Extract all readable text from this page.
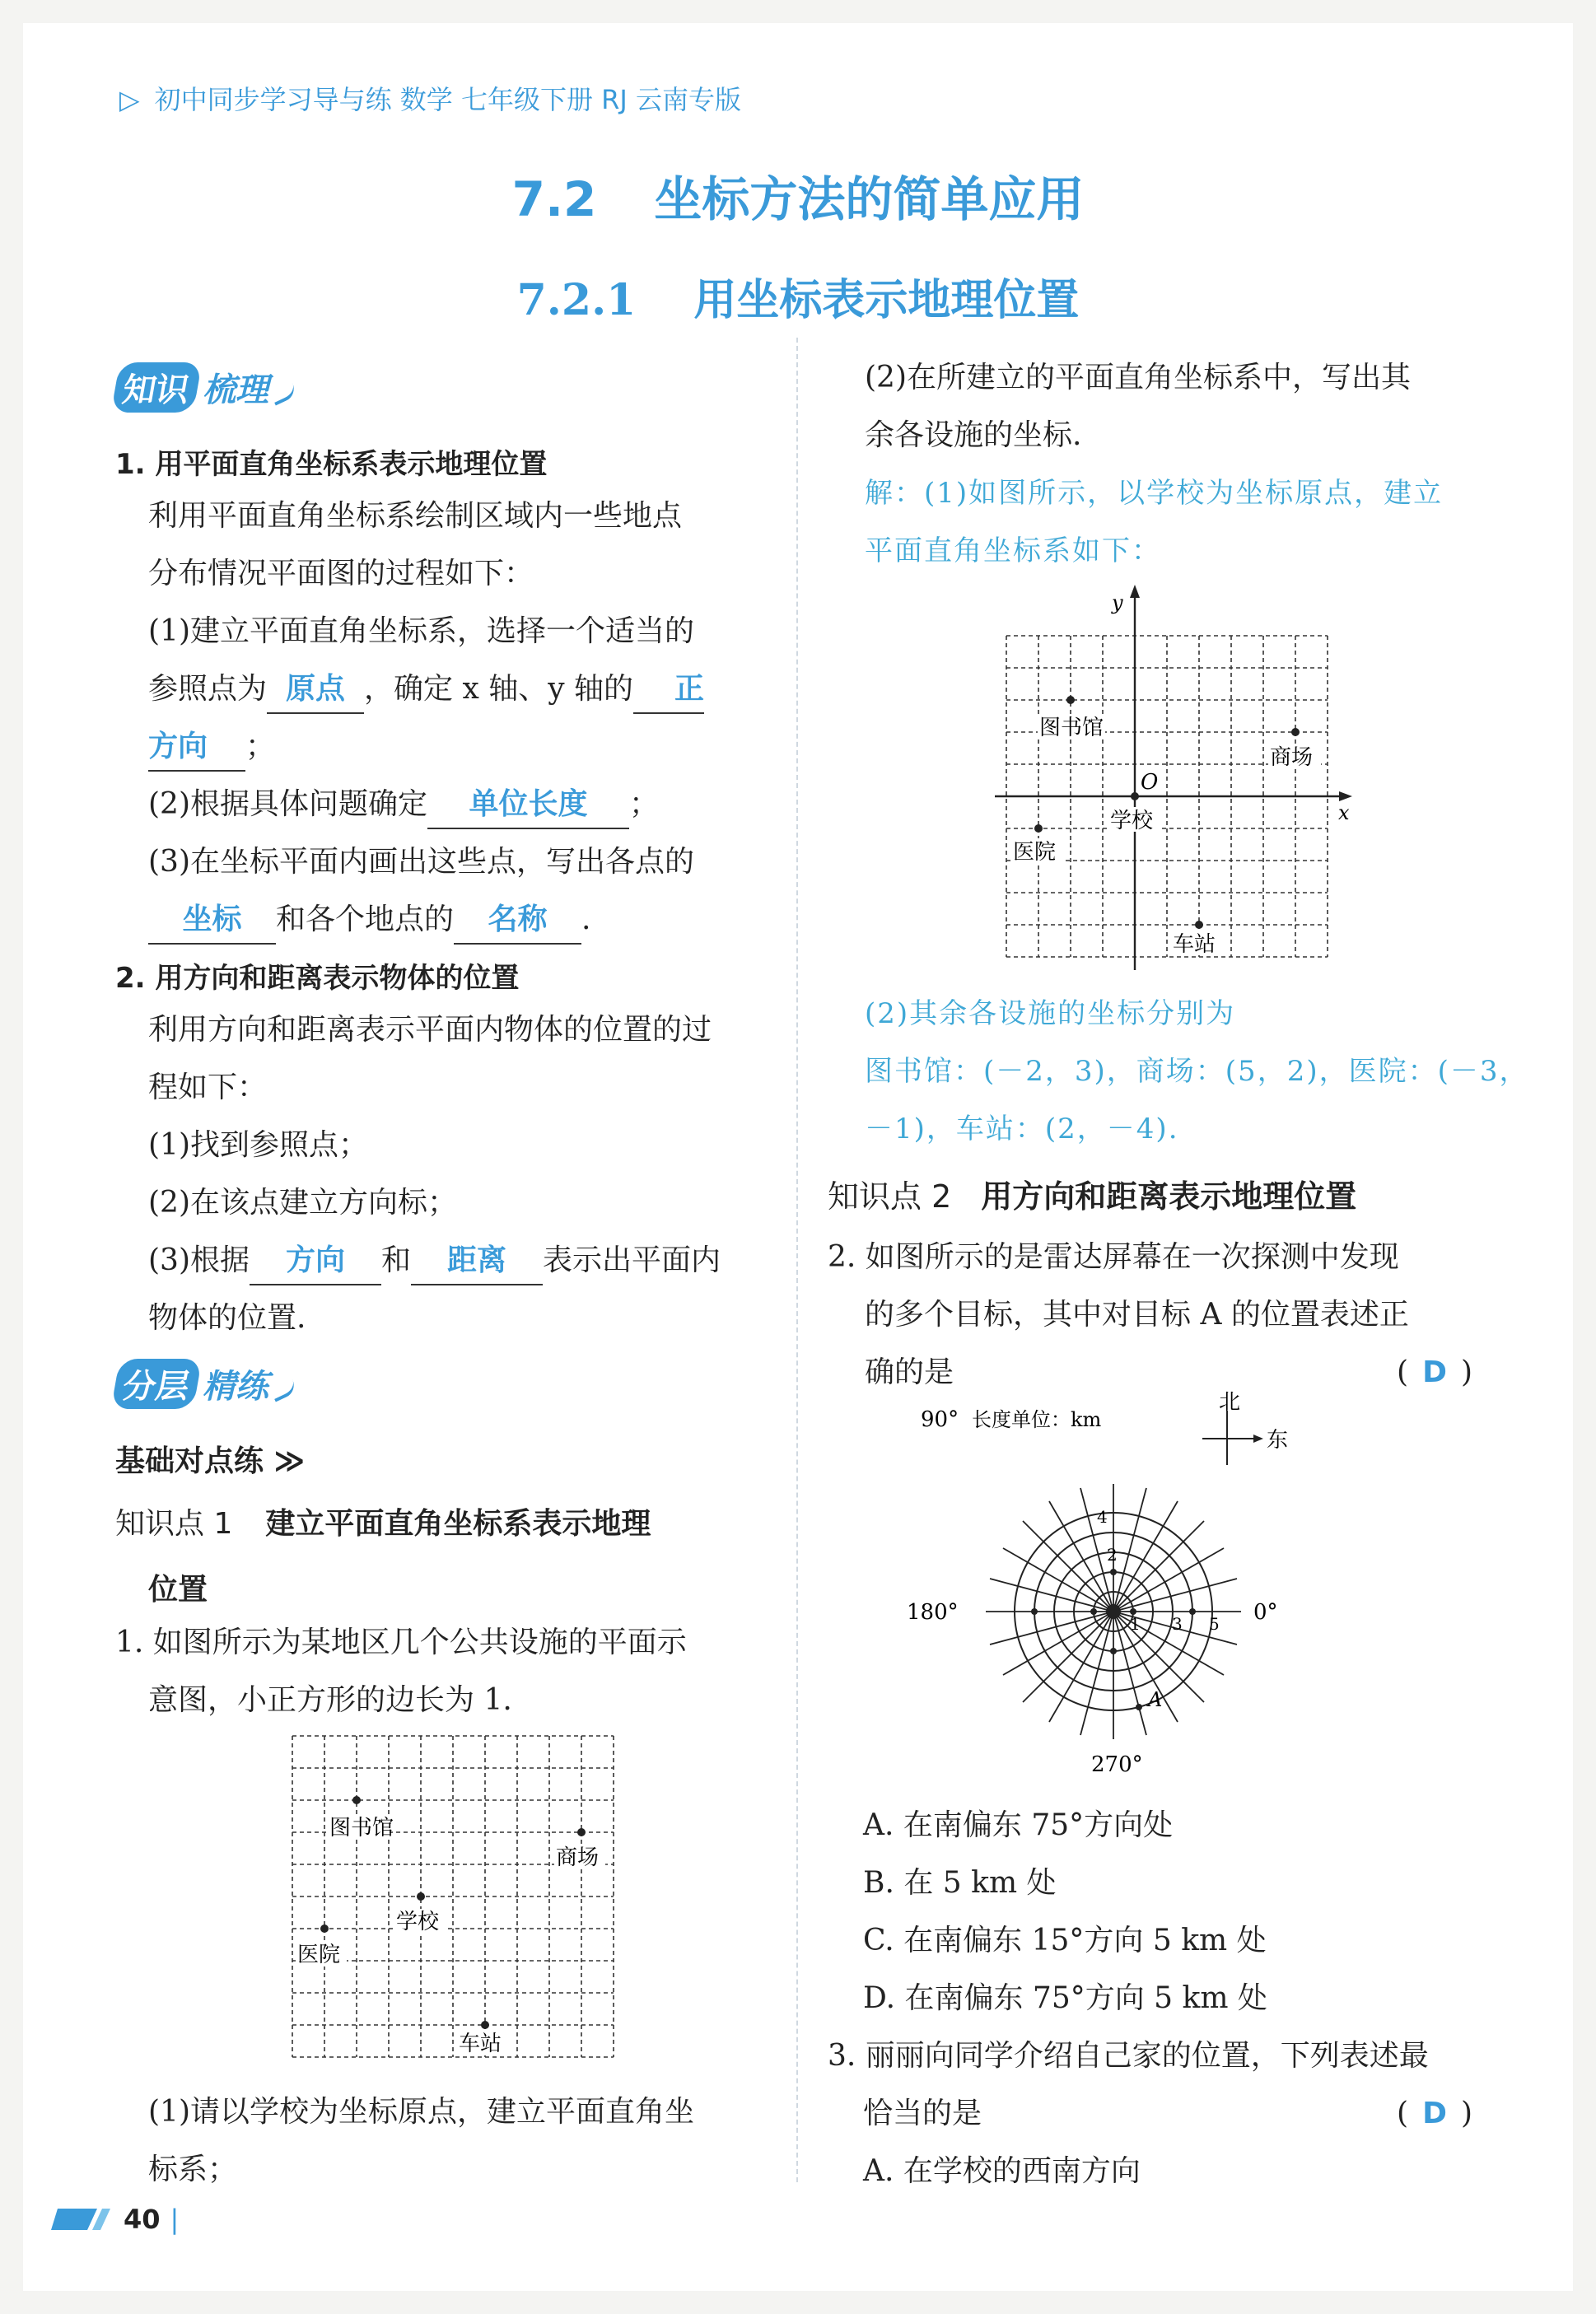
▷ 初中同步学习导与练 数学 七年级下册 RJ 云南专版
7.2 坐标方法的简单应用
7.2.1 用坐标表示地理位置
知识 梳理
1. 用平面直角坐标系表示地理位置
利用平面直角坐标系绘制区域内一些地点
分布情况平面图的过程如下：
(1)建立平面直角坐标系，选择一个适当的
参照点为 原点 ，确定 x 轴、y 轴的 正
方向 ；
(2)根据具体问题确定 单位长度 ；
(3)在坐标平面内画出这些点，写出各点的
坐标 和各个地点的 名称 .
2. 用方向和距离表示物体的位置
利用方向和距离表示平面内物体的位置的过
程如下：
(1)找到参照点；
(2)在该点建立方向标；
(3)根据 方向 和 距离 表示出平面内
物体的位置.
分层 精练
基础对点练 ≫
知识点 1 建立平面直角坐标系表示地理
位置
1. 如图所示为某地区几个公共设施的平面示
意图，小正方形的边长为 1.
图书馆
商场
学校
医院
车站
(1)请以学校为坐标原点，建立平面直角坐
标系；
(2)在所建立的平面直角坐标系中，写出其
余各设施的坐标.
解：(1)如图所示，以学校为坐标原点，建立
平面直角坐标系如下：
y
x
O
图书馆
商场
学校
医院
车站
(2)其余各设施的坐标分别为
图书馆：(－2，3)，商场：(5，2)，医院：(－3，
－1)，车站：(2，－4).
知识点 2 用方向和距离表示地理位置
2. 如图所示的是雷达屏幕在一次探测中发现
的多个目标，其中对目标 A 的位置表述正
确的是	( D )
90° 长度单位：km
180°	0°
270°
北
东
A
1
2
3
4
5
A. 在南偏东 75°方向处
B. 在 5 km 处
C. 在南偏东 15°方向 5 km 处
D. 在南偏东 75°方向 5 km 处
3. 丽丽向同学介绍自己家的位置，下列表述最
恰当的是	( D )
A. 在学校的西南方向
40 |
